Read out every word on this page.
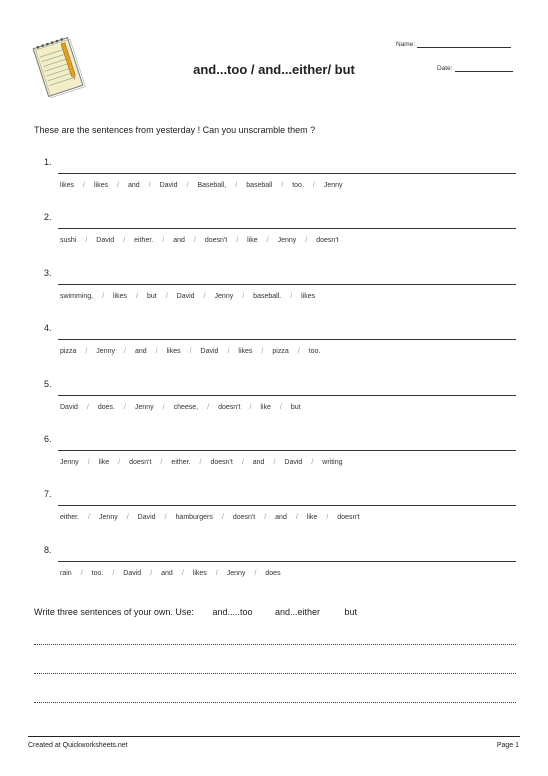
Name:
Date:
and...too / and...either/ but
These are the sentences from yesterday ! Can you unscramble them ?
1.
likes / likes / and / David / Baseball, / baseball / too. / Jenny
2.
sushi / David / either. / and / doesn't / like / Jenny / doesn't
3.
swimming, / likes / but / David / Jenny / baseball. / likes
4.
pizza / Jenny / and / likes / David / likes / pizza / too.
5.
David / does. / Jenny / cheese, / doesn't / like / but
6.
Jenny / like / doesn't / either. / doesn't / and / David / writing
7.
either. / Jenny / David / hamburgers / doesn't / and / like / doesn't
8.
rain / too. / David / and / likes / Jenny / does
Write three sentences of your own. Use: and.....too	and...either	but
Created at Quickworksheets.net	Page 1
